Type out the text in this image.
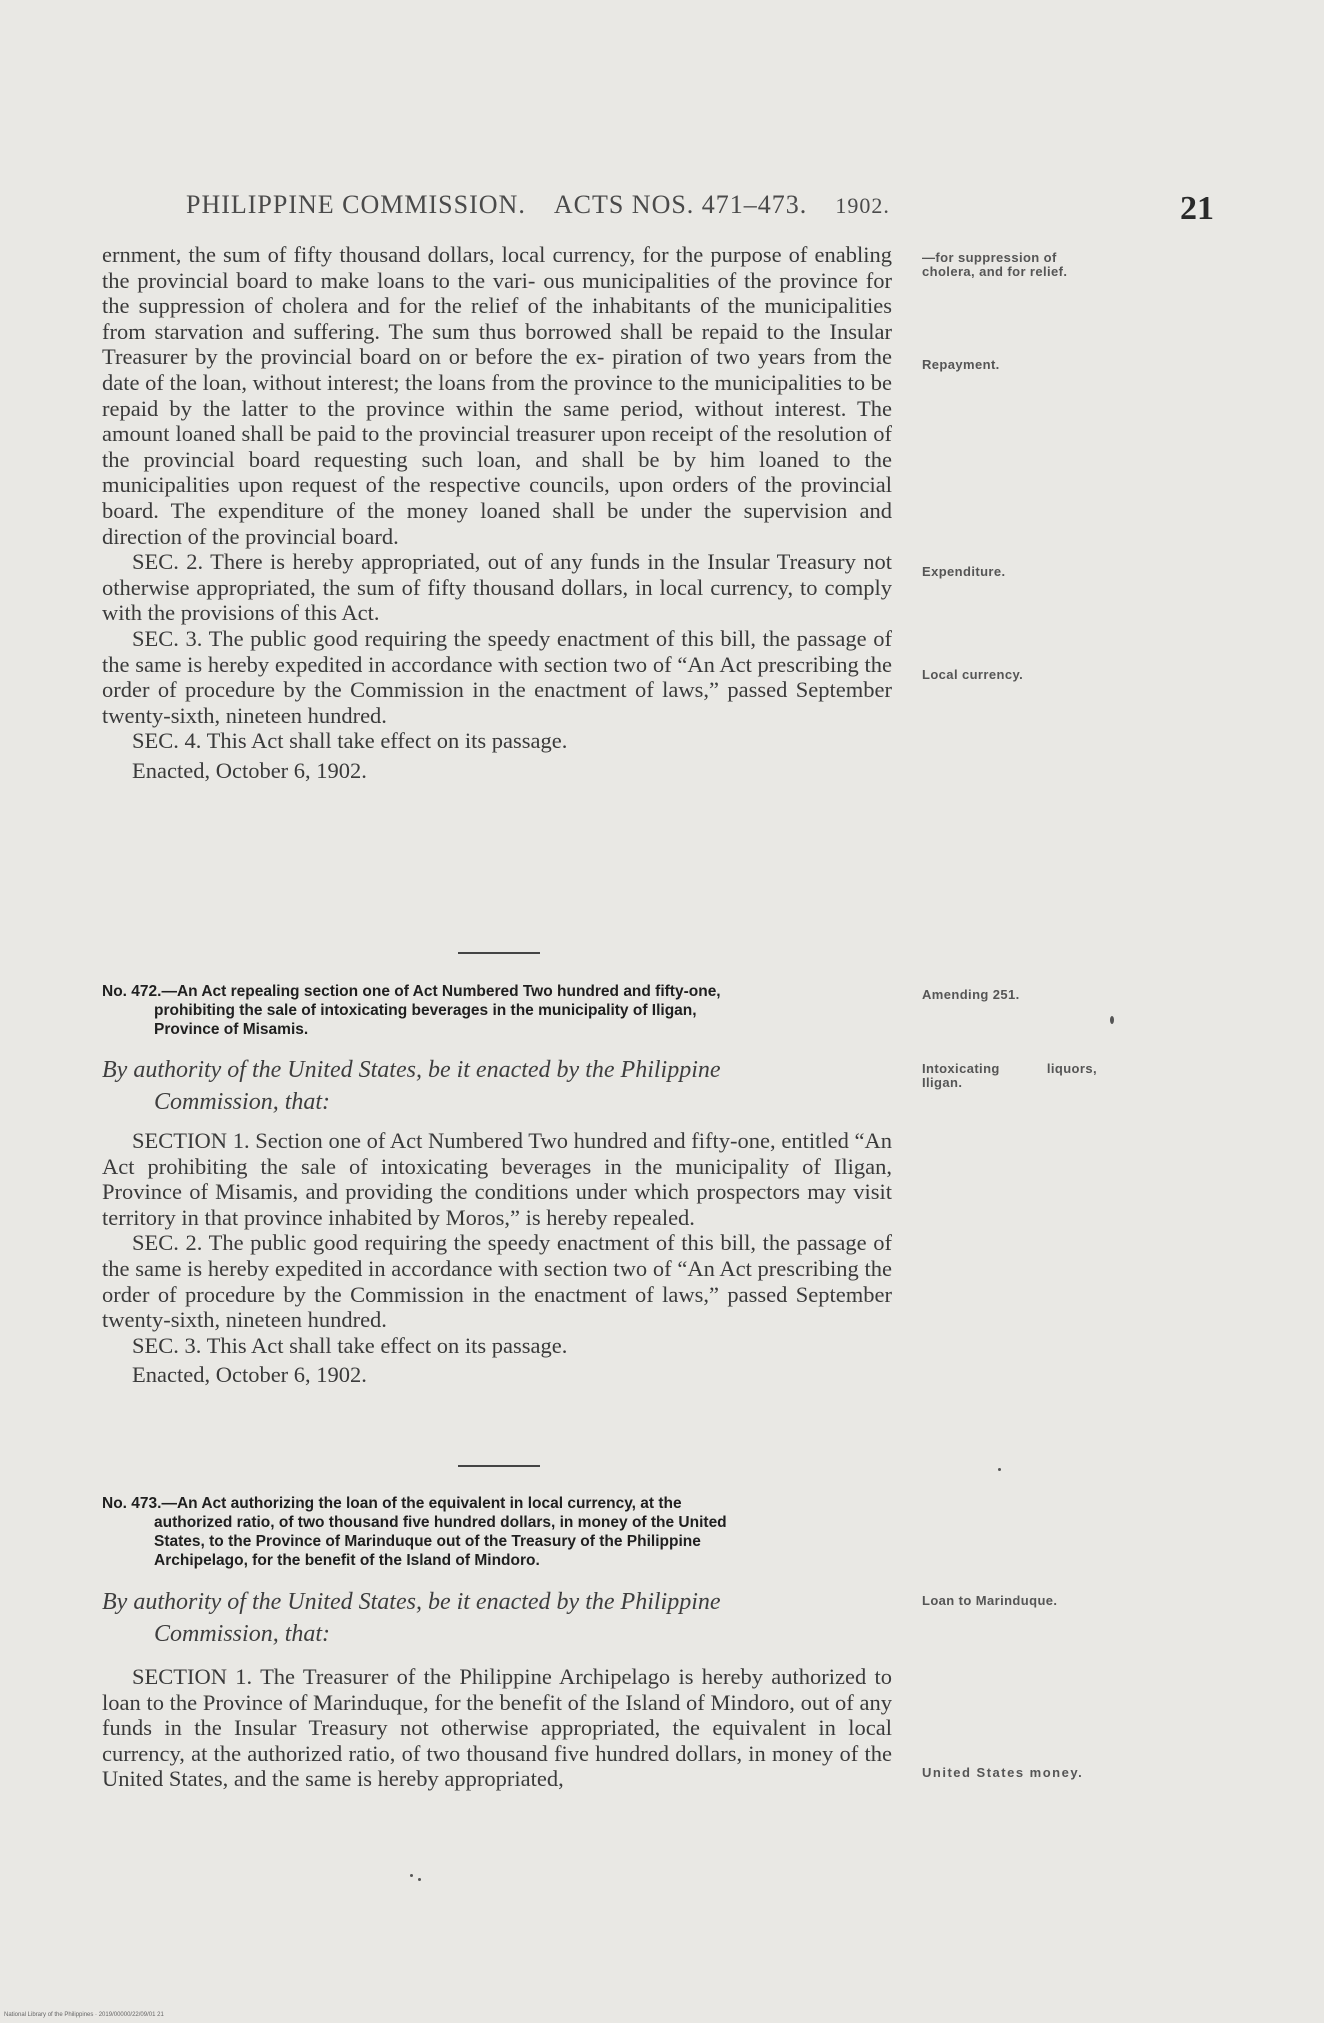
PHILIPPINE COMMISSION. ACTS NOS. 471–473. 1902.	21

ernment, the sum of fifty thousand dollars, local currency, for the purpose of enabling the provincial board to make loans to the vari- ous municipalities of the province for the suppression of cholera and for the relief of the inhabitants of the municipalities from starvation and suffering. The sum thus borrowed shall be repaid to the Insular Treasurer by the provincial board on or before the ex- piration of two years from the date of the loan, without interest; the loans from the province to the municipalities to be repaid by the latter to the province within the same period, without interest. The amount loaned shall be paid to the provincial treasurer upon receipt of the resolution of the provincial board requesting such loan, and shall be by him loaned to the municipalities upon request of the respective councils, upon orders of the provincial board. The expenditure of the money loaned shall be under the supervision and direction of the provincial board.

SEC. 2. There is hereby appropriated, out of any funds in the Insular Treasury not otherwise appropriated, the sum of fifty thousand dollars, in local currency, to comply with the provisions of this Act.

SEC. 3. The public good requiring the speedy enactment of this bill, the passage of the same is hereby expedited in accordance with section two of “An Act prescribing the order of procedure by the Commission in the enactment of laws,” passed September twenty-sixth, nineteen hundred.

SEC. 4. This Act shall take effect on its passage.

Enacted, October 6, 1902.

No. 472.—An Act repealing section one of Act Numbered Two hundred and fifty-one,
prohibiting the sale of intoxicating beverages in the municipality of Iligan,
Province of Misamis.
By authority of the United States, be it enacted by the Philippine
Commission, that:

SECTION 1. Section one of Act Numbered Two hundred and fifty-one, entitled “An Act prohibiting the sale of intoxicating beverages in the municipality of Iligan, Province of Misamis, and providing the conditions under which prospectors may visit territory in that province inhabited by Moros,” is hereby repealed.

SEC. 2. The public good requiring the speedy enactment of this bill, the passage of the same is hereby expedited in accordance with section two of “An Act prescribing the order of procedure by the Commission in the enactment of laws,” passed September twenty-sixth, nineteen hundred.

SEC. 3. This Act shall take effect on its passage.

Enacted, October 6, 1902.

No. 473.—An Act authorizing the loan of the equivalent in local currency, at the
authorized ratio, of two thousand five hundred dollars, in money of the United
States, to the Province of Marinduque out of the Treasury of the Philippine
Archipelago, for the benefit of the Island of Mindoro.
By authority of the United States, be it enacted by the Philippine
Commission, that:

SECTION 1. The Treasurer of the Philippine Archipelago is hereby authorized to loan to the Province of Marinduque, for the benefit of the Island of Mindoro, out of any funds in the Insular Treasury not otherwise appropriated, the equivalent in local currency, at the authorized ratio, of two thousand five hundred dollars, in money of the United States, and the same is hereby appropriated,

—for suppression of cholera, and for relief.
Repayment.
Expenditure.
Local currency.
Amending 251.
Intoxicating liquors, Iligan.
Loan to Marinduque.
United States money.
National Library of the Philippines · 2019/00000/22/09/01 21
